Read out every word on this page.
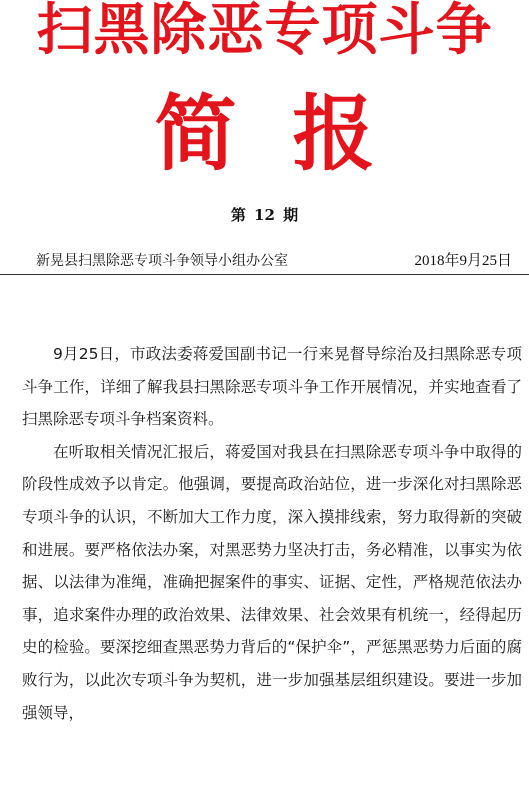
扫黑除恶专项斗争
简 报
第 12 期
新晃县扫黑除恶专项斗争领导小组办公室	2018年9月25日

9月25日，市政法委蒋爱国副书记一行来晃督导综治及扫黑除恶专项斗争工作，详细了解我县扫黑除恶专项斗争工作开展情况，并实地查看了扫黑除恶专项斗争档案资料。

在听取相关情况汇报后，蒋爱国对我县在扫黑除恶专项斗争中取得的阶段性成效予以肯定。他强调，要提高政治站位，进一步深化对扫黑除恶专项斗争的认识，不断加大工作力度，深入摸排线索，努力取得新的突破和进展。要严格依法办案，对黑恶势力坚决打击，务必精准，以事实为依据、以法律为准绳，准确把握案件的事实、证据、定性，严格规范依法办事，追求案件办理的政治效果、法律效果、社会效果有机统一，经得起历史的检验。要深挖细查黑恶势力背后的“保护伞”，严惩黑恶势力后面的腐败行为，以此次专项斗争为契机，进一步加强基层组织建设。要进一步加强领导，
